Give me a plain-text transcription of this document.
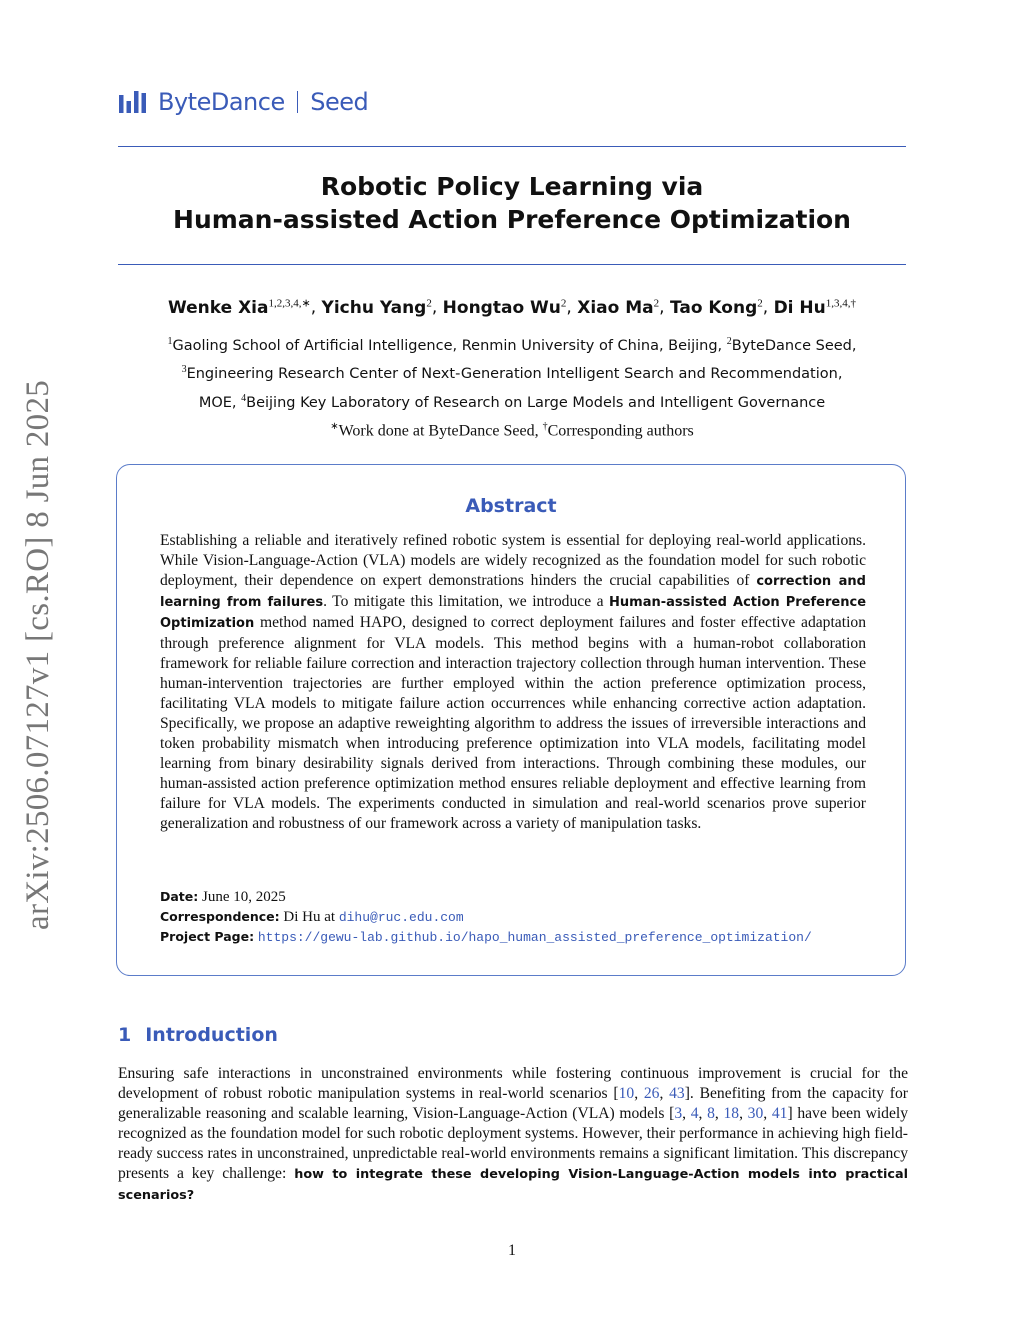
ByteDance Seed
Robotic Policy Learning via
Human-assisted Action Preference Optimization
Wenke Xia$^{1,2,3,4,∗}$, Yichu Yang$^2$, Hongtao Wu$^2$, Xiao Ma$^2$, Tao Kong$^2$, Di $Hu^{1,3,4,\dagger}$
$^1$Gaoling School of Artificial Intelligence, Renmin University of China, Beijing, $^2$ByteDance Seed,
$^3$Engineering Research Center of Next-Generation Intelligent Search and Recommendation,
MOE, $^4$Beijing Key Laboratory of Research on Large Models and Intelligent Governance
∗Work done at ByteDance Seed, †Corresponding authors
Abstract
Establishing a reliable and iteratively refined robotic system is essential for deploying real-world applications. While Vision-Language-Action (VLA) models are widely recognized as the foundation model for such robotic deployment, their dependence on expert demonstrations hinders the crucial capabilities of correction and learning from failures. To mitigate this limitation, we introduce a Human-assisted Action Preference Optimization method named HAPO, designed to correct deployment failures and foster effective adaptation through preference alignment for VLA models. This method begins with a human-robot collaboration framework for reliable failure correction and interaction trajectory collection through human intervention. These human-intervention trajectories are further employed within the action preference optimization process, facilitating VLA models to mitigate failure action occurrences while enhancing corrective action adaptation. Specifically, we propose an adaptive reweighting algorithm to address the issues of irreversible interactions and token probability mismatch when introducing preference optimization into VLA models, facilitating model learning from binary desirability signals derived from interactions. Through combining these modules, our human-assisted action preference optimization method ensures reliable deployment and effective learning from failure for VLA models. The experiments conducted in simulation and real-world scenarios prove superior generalization and robustness of our framework across a variety of manipulation tasks.
Date: June 10, 2025
Correspondence: Di Hu at dihu@ruc.edu.com
Project Page: https://gewu-lab.github.io/hapo_human_assisted_preference_optimization/
1 Introduction
Ensuring safe interactions in unconstrained environments while fostering continuous improvement is crucial for the development of robust robotic manipulation systems in real-world scenarios [10, 26, 43]. Benefiting from the capacity for generalizable reasoning and scalable learning, Vision-Language-Action (VLA) models [3, 4, 8, 18, 30, 41] have been widely recognized as the foundation model for such robotic deployment systems. However, their performance in achieving high field-ready success rates in unconstrained, unpredictable real-world environments remains a significant limitation. This discrepancy presents a key challenge: how to integrate these developing Vision-Language-Action models into practical scenarios?
1
arXiv:2506.07127v1 [cs.RO] 8 Jun 2025
